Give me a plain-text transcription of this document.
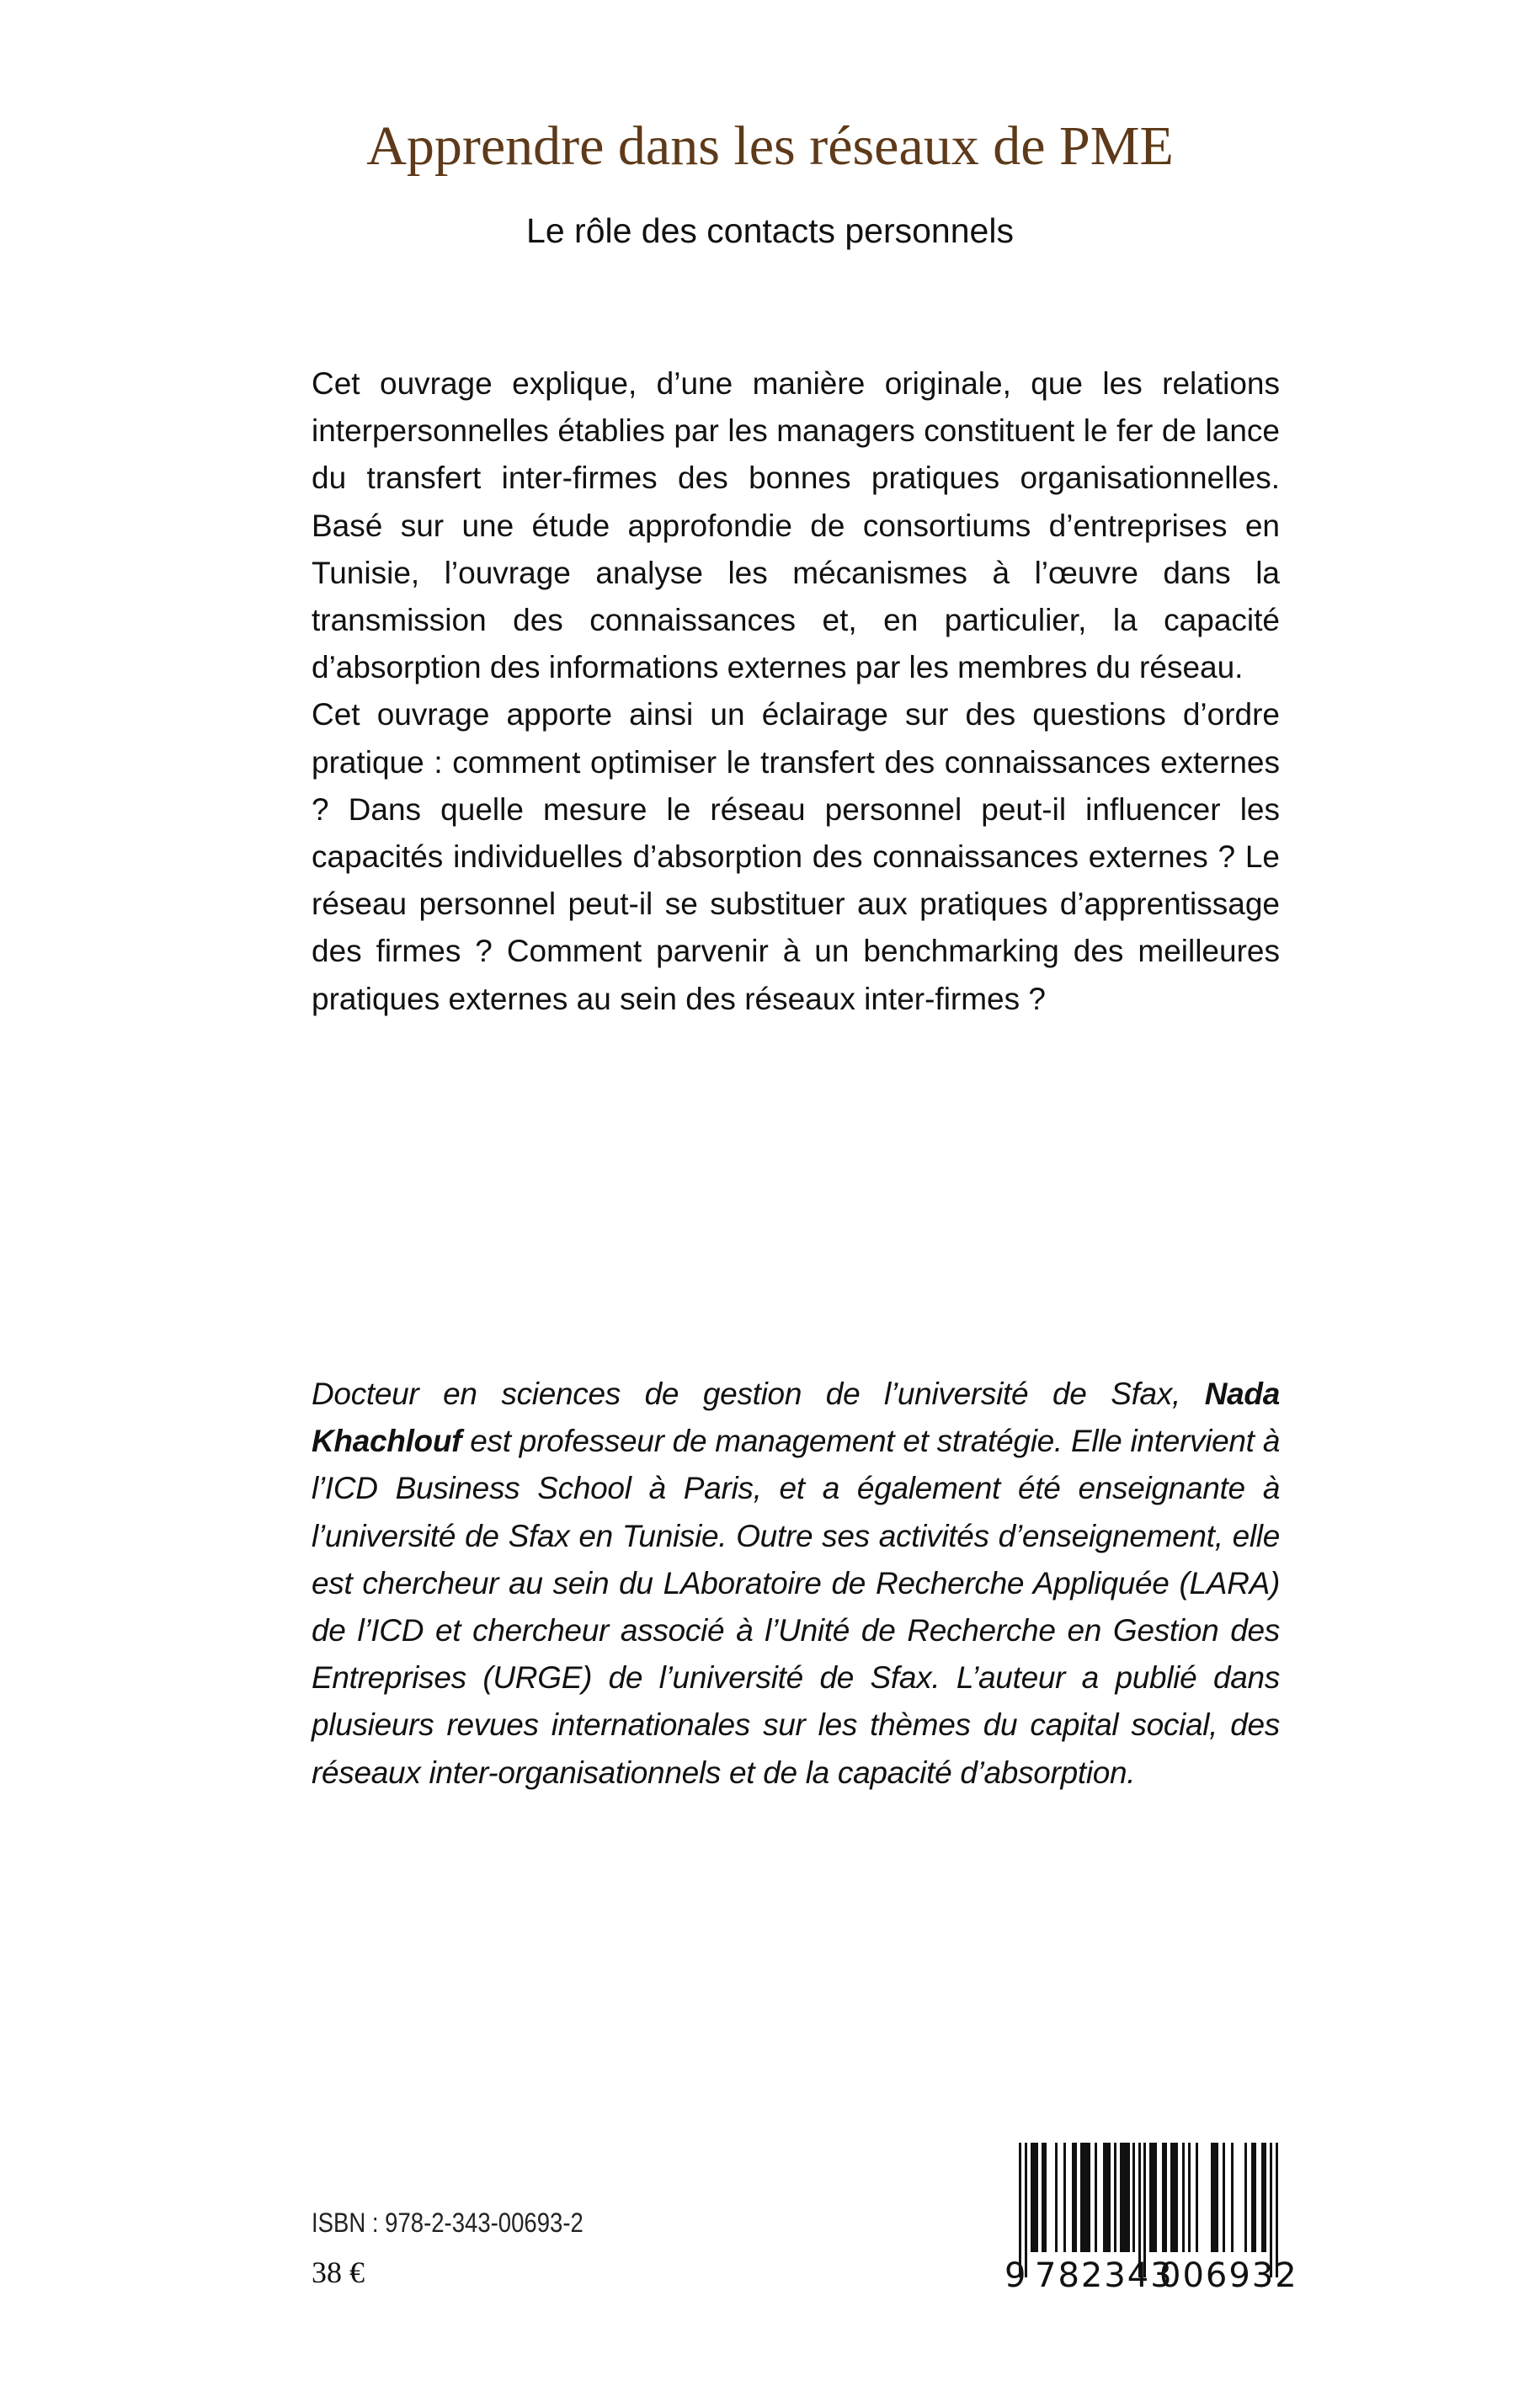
Apprendre dans les réseaux de PME
Le rôle des contacts personnels

Cet ouvrage explique, d’une manière originale, que les relations interpersonnelles établies par les managers constituent le fer de lance du transfert inter-firmes des bonnes pratiques organisationnelles. Basé sur une étude approfondie de consortiums d’entreprises en Tunisie, l’ouvrage analyse les mécanismes à l’œuvre dans la transmission des connaissances et, en particulier, la capacité d’absorption des informations externes par les membres du réseau.

Cet ouvrage apporte ainsi un éclairage sur des questions d’ordre pratique : comment optimiser le transfert des connaissances externes ? Dans quelle mesure le réseau personnel peut-il influencer les capacités individuelles d’absorption des connaissances externes ? Le réseau personnel peut-il se substituer aux pratiques d’apprentissage des firmes ? Comment parvenir à un benchmarking des meilleures pratiques externes au sein des réseaux inter-firmes ?

Docteur en sciences de gestion de l’université de Sfax, Nada Khachlouf est professeur de management et stratégie. Elle intervient à l’ICD Business School à Paris, et a également été enseignante à l’université de Sfax en Tunisie. Outre ses activités d’enseignement, elle est chercheur au sein du LAboratoire de Recherche Appliquée (LARA) de l’ICD et chercheur associé à l’Unité de Recherche en Gestion des Entreprises (URGE) de l’université de Sfax. L’auteur a publié dans plusieurs revues internationales sur les thèmes du capital social, des réseaux inter-organisationnels et de la capacité d’absorption.

ISBN : 978-2-343-00693-2
38 €	9 782343
006932
